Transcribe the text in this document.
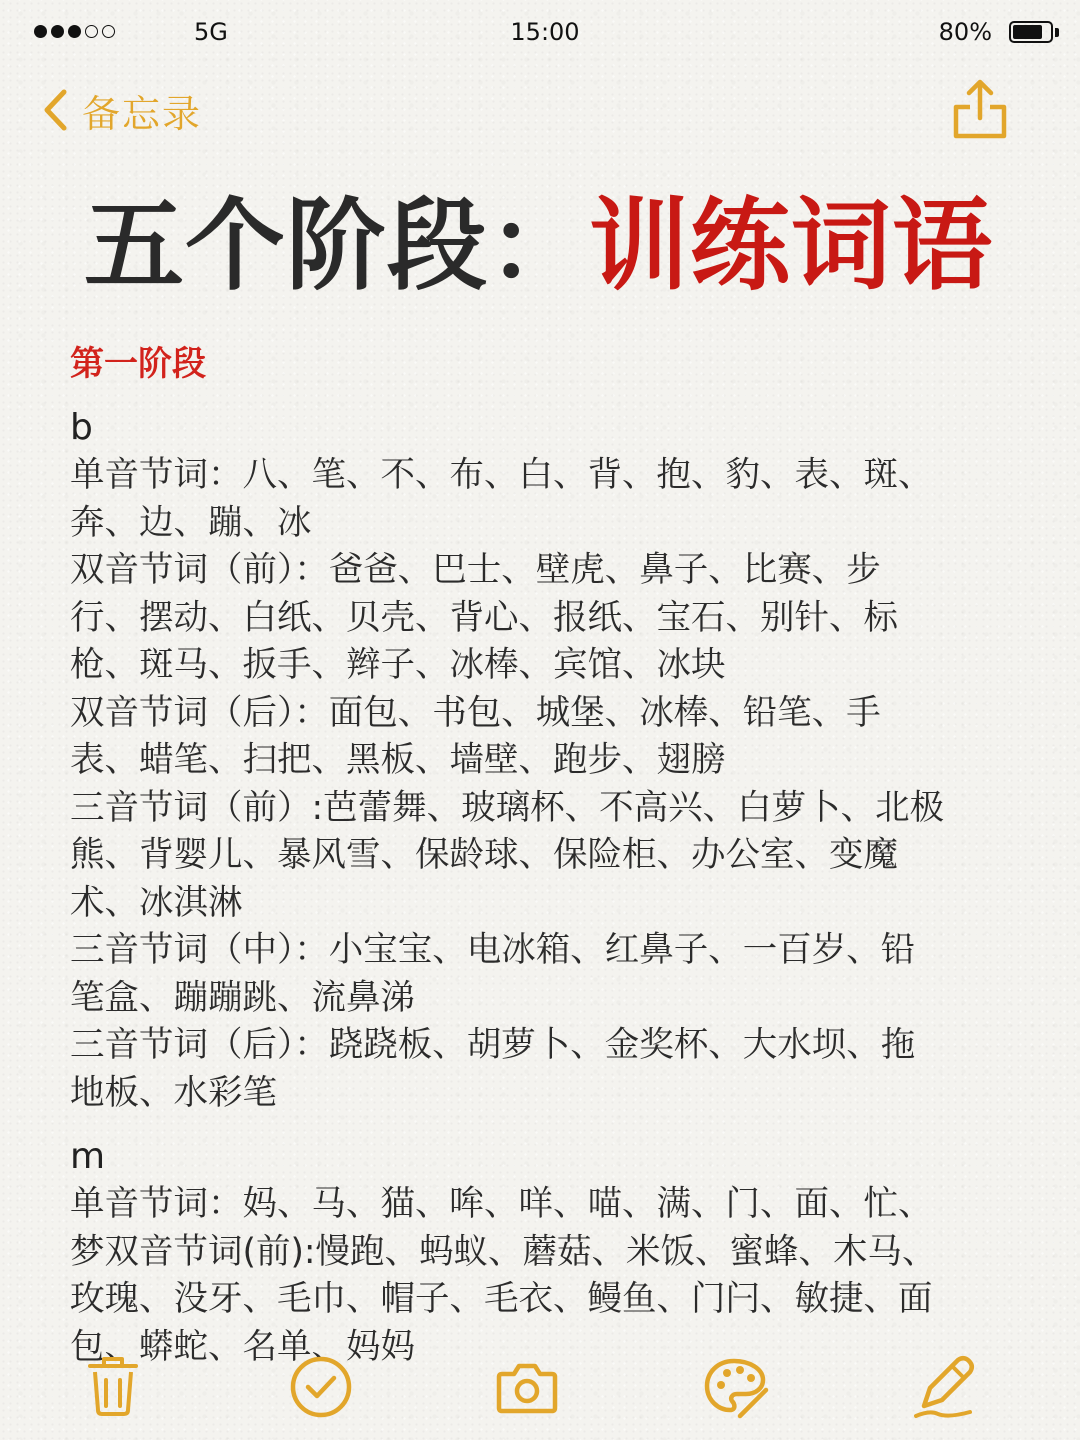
5G	15:00	80%
备忘录
五个阶段：训练词语
第一阶段
b

单音节词：八、笔、不、布、白、背、抱、豹、表、斑、

奔、边、蹦、冰

双音节词（前）：爸爸、巴士、壁虎、鼻子、比赛、步

行、摆动、白纸、贝壳、背心、报纸、宝石、别针、标

枪、斑马、扳手、辫子、冰棒、宾馆、冰块

双音节词（后）：面包、书包、城堡、冰棒、铅笔、手

表、蜡笔、扫把、黑板、墙壁、跑步、翅膀

三音节词（前）:芭蕾舞、玻璃杯、不高兴、白萝卜、北极

熊、背婴儿、暴风雪、保龄球、保险柜、办公室、变魔

术、冰淇淋

三音节词（中）：小宝宝、电冰箱、红鼻子、一百岁、铅

笔盒、蹦蹦跳、流鼻涕

三音节词（后）：跷跷板、胡萝卜、金奖杯、大水坝、拖

地板、水彩笔

m

单音节词：妈、马、猫、哞、咩、喵、满、门、面、忙、

梦双音节词(前):慢跑、蚂蚁、蘑菇、米饭、蜜蜂、木马、

玫瑰、没牙、毛巾、帽子、毛衣、鳗鱼、门闩、敏捷、面

包、蟒蛇、名单、妈妈
